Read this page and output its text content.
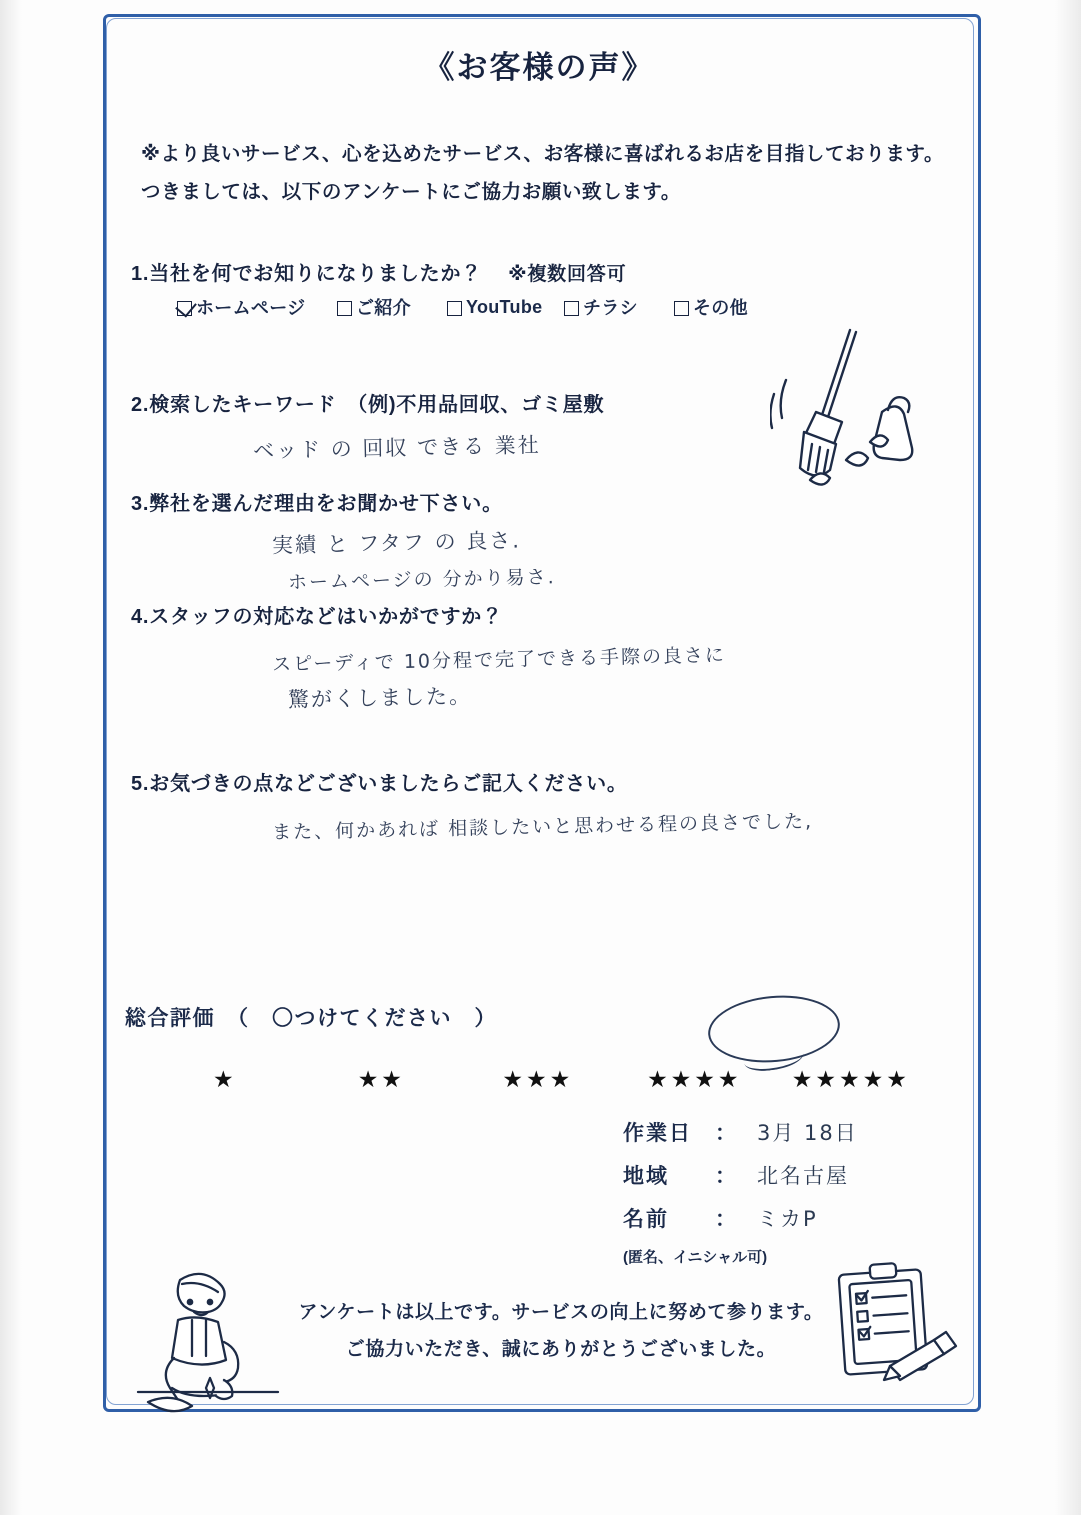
《お客様の声》
※より良いサービス、心を込めたサービス、お客様に喜ばれるお店を目指しております。
つきましては、以下のアンケートにご協力お願い致します。
1.当社を何でお知りになりましたか？ ※複数回答可
ホームページ	ご紹介	YouTube チラシ	その他
2.検索したキーワード　（例)不用品回収、ゴミ屋敷
3.弊社を選んだ理由をお聞かせ下さい。
4.スタッフの対応などはいかがですか？
5.お気づきの点などございましたらご記入ください。
総合評価　（　〇つけてください　）
★	★★	★★★	★★★★	★★★★★
作業日	： 3月 18日
地域	： 北名古屋
名前	： ミカP
(匿名、イニシャル可)
アンケートは以上です。サービスの向上に努めて参ります。
ご協力いただき、誠にありがとうございました。
ベッド の 回収 できる 業社
実績 と フタフ の 良さ.
ホームページの 分かり易さ.
スピーディで 10分程で完了できる手際の良さに
驚がくしました。
また、何かあれば 相談したいと思わせる程の良さでした,
